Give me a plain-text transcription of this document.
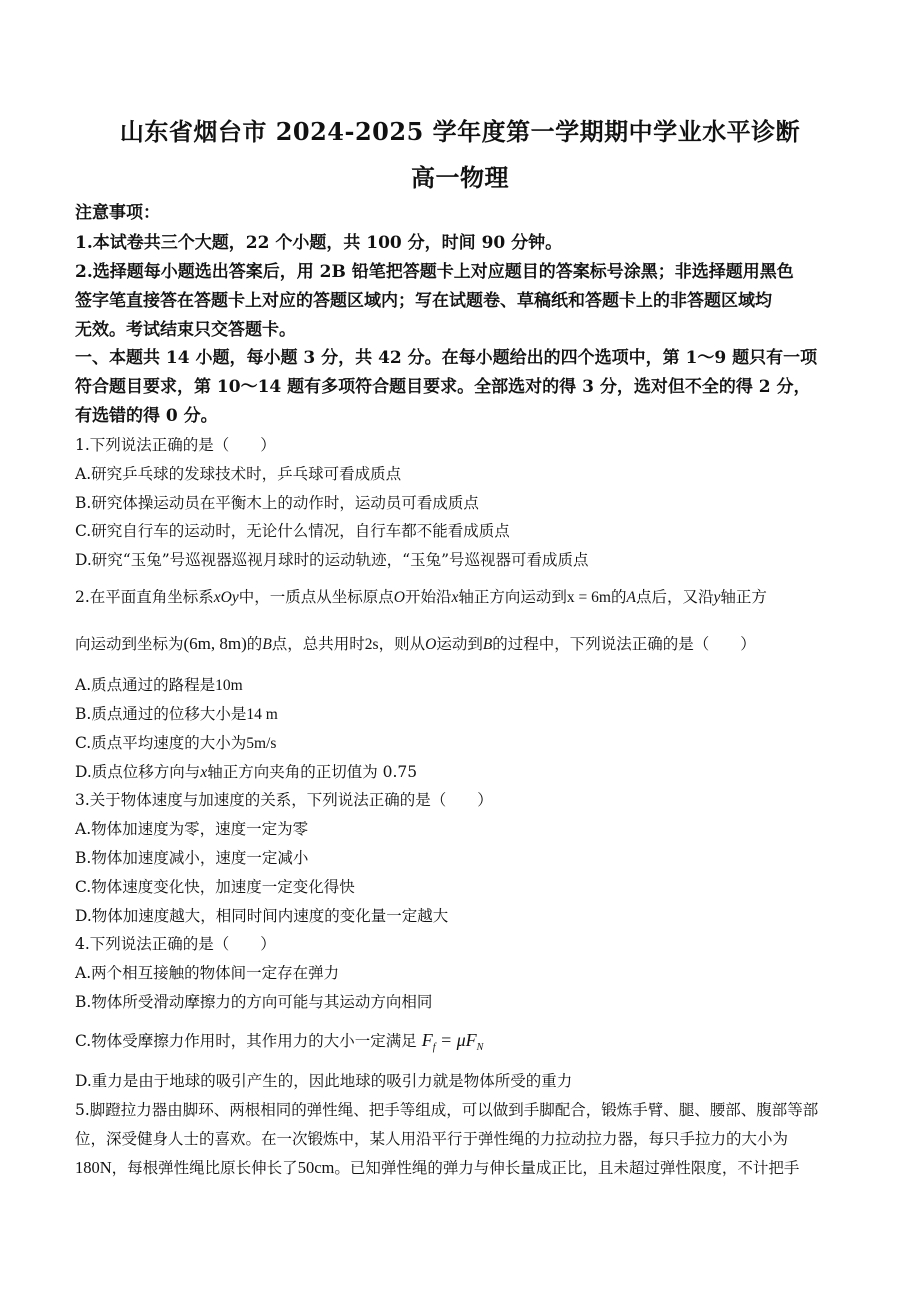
山东省烟台市 2024-2025 学年度第一学期期中学业水平诊断
高一物理
注意事项：
1.本试卷共三个大题，22 个小题，共 100 分，时间 90 分钟。
2.选择题每小题选出答案后，用 2B 铅笔把答题卡上对应题目的答案标号涂黑；非选择题用黑色
签字笔直接答在答题卡上对应的答题区域内；写在试题卷、草稿纸和答题卡上的非答题区域均
无效。考试结束只交答题卡。
一、本题共 14 小题，每小题 3 分，共 42 分。在每小题给出的四个选项中，第 1～9 题只有一项
符合题目要求，第 10～14 题有多项符合题目要求。全部选对的得 3 分，选对但不全的得 2 分，
有选错的得 0 分。
1.下列说法正确的是（　　）
A.研究乒乓球的发球技术时，乒乓球可看成质点
B.研究体操运动员在平衡木上的动作时，运动员可看成质点
C.研究自行车的运动时，无论什么情况，自行车都不能看成质点
D.研究“玉兔”号巡视器巡视月球时的运动轨迹，“玉兔”号巡视器可看成质点
2.在平面直角坐标系xOy中，一质点从坐标原点O开始沿x轴正方向运动到x = 6m的A点后，又沿y轴正方
向运动到坐标为(6m, 8m)的B点，总共用时2s，则从O运动到B的过程中，下列说法正确的是（　　）
A.质点通过的路程是10m
B.质点通过的位移大小是14 m
C.质点平均速度的大小为5m/s
D.质点位移方向与x轴正方向夹角的正切值为 0.75
3.关于物体速度与加速度的关系，下列说法正确的是（　　）
A.物体加速度为零，速度一定为零
B.物体加速度减小，速度一定减小
C.物体速度变化快，加速度一定变化得快
D.物体加速度越大，相同时间内速度的变化量一定越大
4.下列说法正确的是（　　）
A.两个相互接触的物体间一定存在弹力
B.物体所受滑动摩擦力的方向可能与其运动方向相同
C.物体受摩擦力作用时，其作用力的大小一定满足 $F_f = \mu F_N$
D.重力是由于地球的吸引产生的，因此地球的吸引力就是物体所受的重力
5.脚蹬拉力器由脚环、两根相同的弹性绳、把手等组成，可以做到手脚配合，锻炼手臂、腿、腰部、腹部等部
位，深受健身人士的喜欢。在一次锻炼中，某人用沿平行于弹性绳的力拉动拉力器，每只手拉力的大小为
180N，每根弹性绳比原长伸长了50cm。已知弹性绳的弹力与伸长量成正比，且未超过弹性限度，不计把手
